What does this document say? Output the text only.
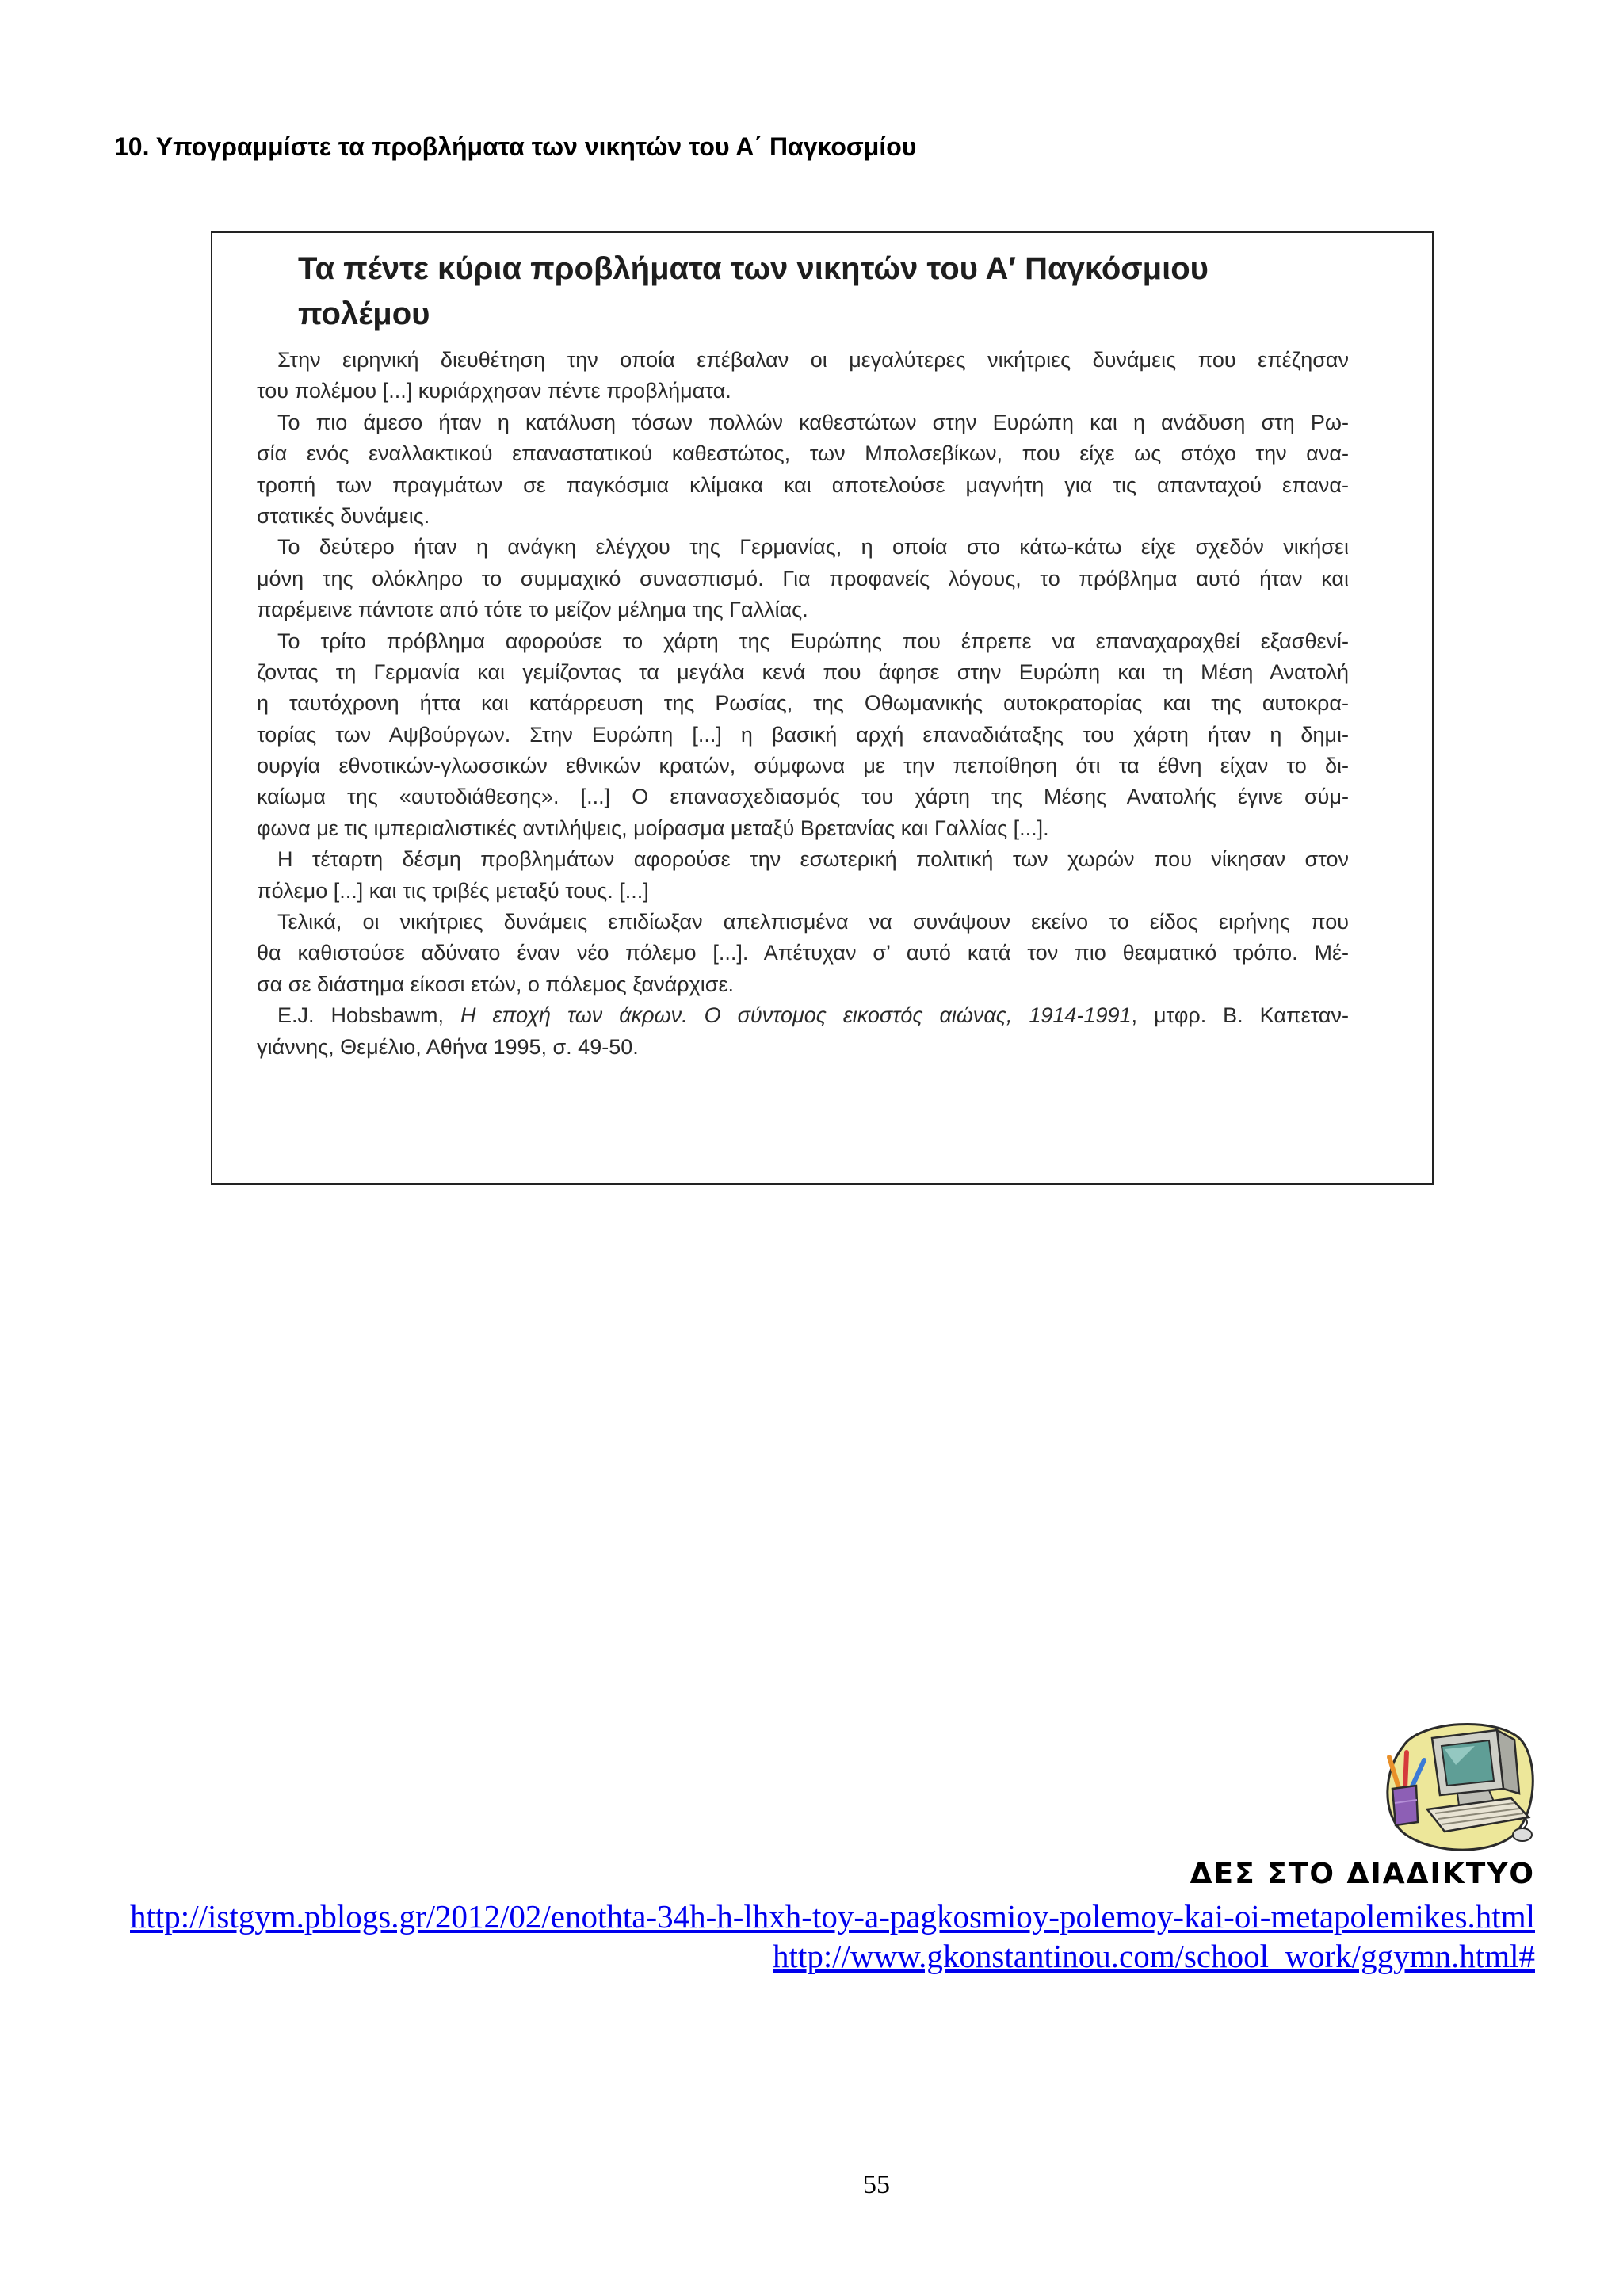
10. Υπογραμμίστε τα προβλήματα των νικητών του Α΄ Παγκοσμίου
Τα πέντε κύρια προβλήματα των νικητών του Α′ Παγκόσμιου
πολέμου
Στην ειρηνική διευθέτηση την οποία επέβαλαν οι μεγαλύτερες νικήτριες δυνάμεις που επέζησαν
του πολέμου [...] κυριάρχησαν πέντε προβλήματα.
Το πιο άμεσο ήταν η κατάλυση τόσων πολλών καθεστώτων στην Ευρώπη και η ανάδυση στη Ρω-
σία ενός εναλλακτικού επαναστατικού καθεστώτος, των Μπολσεβίκων, που είχε ως στόχο την ανα-
τροπή των πραγμάτων σε παγκόσμια κλίμακα και αποτελούσε μαγνήτη για τις απανταχού επανα-
στατικές δυνάμεις.
Το δεύτερο ήταν η ανάγκη ελέγχου της Γερμανίας, η οποία στο κάτω-κάτω είχε σχεδόν νικήσει
μόνη της ολόκληρο το συμμαχικό συνασπισμό. Για προφανείς λόγους, το πρόβλημα αυτό ήταν και
παρέμεινε πάντοτε από τότε το μείζον μέλημα της Γαλλίας.
Το τρίτο πρόβλημα αφορούσε το χάρτη της Ευρώπης που έπρεπε να επαναχαραχθεί εξασθενί-
ζοντας τη Γερμανία και γεμίζοντας τα μεγάλα κενά που άφησε στην Ευρώπη και τη Μέση Ανατολή
η ταυτόχρονη ήττα και κατάρρευση της Ρωσίας, της Οθωμανικής αυτοκρατορίας και της αυτοκρα-
τορίας των Αψβούργων. Στην Ευρώπη [...] η βασική αρχή επαναδιάταξης του χάρτη ήταν η δημι-
ουργία εθνοτικών-γλωσσικών εθνικών κρατών, σύμφωνα με την πεποίθηση ότι τα έθνη είχαν το δι-
καίωμα της «αυτοδιάθεσης». [...] Ο επανασχεδιασμός του χάρτη της Μέσης Ανατολής έγινε σύμ-
φωνα με τις ιμπεριαλιστικές αντιλήψεις, μοίρασμα μεταξύ Βρετανίας και Γαλλίας [...].
Η τέταρτη δέσμη προβλημάτων αφορούσε την εσωτερική πολιτική των χωρών που νίκησαν στον
πόλεμο [...] και τις τριβές μεταξύ τους. [...]
Τελικά, οι νικήτριες δυνάμεις επιδίωξαν απελπισμένα να συνάψουν εκείνο το είδος ειρήνης που
θα καθιστούσε αδύνατο έναν νέο πόλεμο [...]. Απέτυχαν σ’ αυτό κατά τον πιο θεαματικό τρόπο. Μέ-
σα σε διάστημα είκοσι ετών, ο πόλεμος ξανάρχισε.
E.J. Hobsbawm, Η εποχή των άκρων. Ο σύντομος εικοστός αιώνας, 1914-1991, μτφρ. Β. Καπεταν-
γιάννης, Θεμέλιο, Αθήνα 1995, σ. 49-50.
ΔΕΣ ΣΤΟ ΔΙΑΔΙΚΤΥΟ
http://istgym.pblogs.gr/2012/02/enothta-34h-h-lhxh-toy-a-pagkosmioy-polemoy-kai-oi-metapolemikes.html
http://www.gkonstantinou.com/school_work/ggymn.html#
55
